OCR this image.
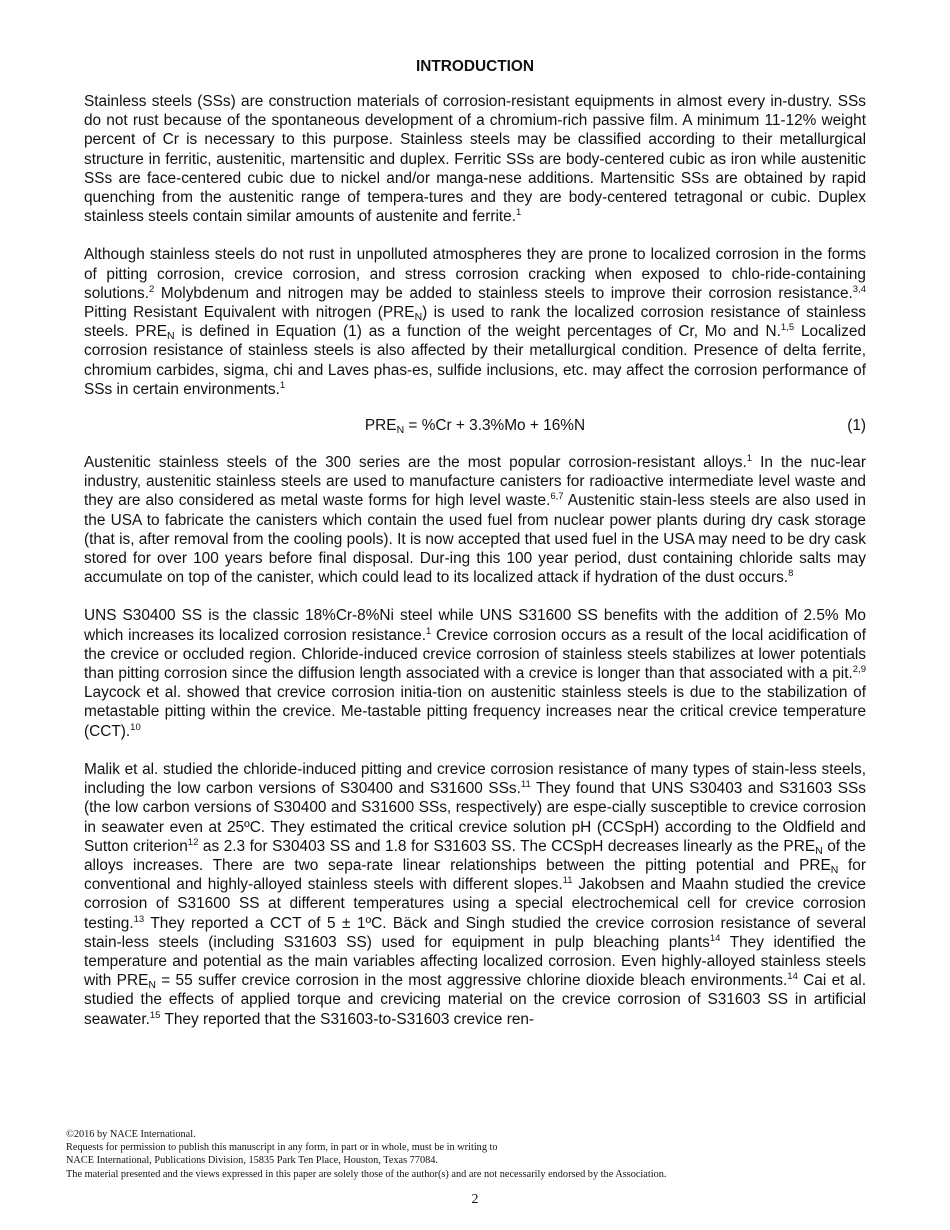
INTRODUCTION

Stainless steels (SSs) are construction materials of corrosion-resistant equipments in almost every in-dustry. SSs do not rust because of the spontaneous development of a chromium-rich passive film. A minimum 11-12% weight percent of Cr is necessary to this purpose. Stainless steels may be classified according to their metallurgical structure in ferritic, austenitic, martensitic and duplex. Ferritic SSs are body-centered cubic as iron while austenitic SSs are face-centered cubic due to nickel and/or manga-nese additions. Martensitic SSs are obtained by rapid quenching from the austenitic range of tempera-tures and they are body-centered tetragonal or cubic. Duplex stainless steels contain similar amounts of austenite and ferrite.$^1$

Although stainless steels do not rust in unpolluted atmospheres they are prone to localized corrosion in the forms of pitting corrosion, crevice corrosion, and stress corrosion cracking when exposed to chlo-ride-containing solutions.$^2$ Molybdenum and nitrogen may be added to stainless steels to improve their corrosion resistance.$^{3,4}$ Pitting Resistant Equivalent with nitrogen $(PRE_N)$ is used to rank the localized corrosion resistance of stainless steels. $PRE_N$ is defined in Equation (1) as a function of the weight percentages of Cr, Mo and N.$^{1,5}$ Localized corrosion resistance of stainless steels is also affected by their metallurgical condition. Presence of delta ferrite, chromium carbides, sigma, chi and Laves phas-es, sulfide inclusions, etc. may affect the corrosion performance of SSs in certain environments.$^1$

$PRE_N = \%Cr + 3.3\%Mo + 16\%N$	(1)

Austenitic stainless steels of the 300 series are the most popular corrosion-resistant alloys.$^1$ In the nuc-lear industry, austenitic stainless steels are used to manufacture canisters for radioactive intermediate level waste and they are also considered as metal waste forms for high level waste.$^{6,7}$ Austenitic stain-less steels are also used in the USA to fabricate the canisters which contain the used fuel from nuclear power plants during dry cask storage (that is, after removal from the cooling pools). It is now accepted that used fuel in the USA may need to be dry cask stored for over 100 years before final disposal. Dur-ing this 100 year period, dust containing chloride salts may accumulate on top of the canister, which could lead to its localized attack if hydration of the dust occurs.$^8$

UNS S30400 SS is the classic 18%Cr-8%Ni steel while UNS S31600 SS benefits with the addition of 2.5% Mo which increases its localized corrosion resistance.$^1$ Crevice corrosion occurs as a result of the local acidification of the crevice or occluded region. Chloride-induced crevice corrosion of stainless steels stabilizes at lower potentials than pitting corrosion since the diffusion length associated with a crevice is longer than that associated with a pit.$^{2,9}$ Laycock et al. showed that crevice corrosion initia-tion on austenitic stainless steels is due to the stabilization of metastable pitting within the crevice. Me-tastable pitting frequency increases near the critical crevice temperature (CCT).$^{10}$

Malik et al. studied the chloride-induced pitting and crevice corrosion resistance of many types of stain-less steels, including the low carbon versions of S30400 and S31600 SSs.$^{11}$ They found that UNS S30403 and S31603 SSs (the low carbon versions of S30400 and S31600 SSs, respectively) are espe-cially susceptible to crevice corrosion in seawater even at 25ºC. They estimated the critical crevice solution pH (CCSpH) according to the Oldfield and Sutton criterion$^{12}$ as 2.3 for S30403 SS and 1.8 for S31603 SS. The CCSpH decreases linearly as the $PRE_N$ of the alloys increases. There are two sepa-rate linear relationships between the pitting potential and $PRE_N$ for conventional and highly-alloyed stainless steels with different slopes.$^{11}$ Jakobsen and Maahn studied the crevice corrosion of S31600 SS at different temperatures using a special electrochemical cell for crevice corrosion testing.$^{13}$ They reported a CCT of 5 ± 1ºC. Bäck and Singh studied the crevice corrosion resistance of several stain-less steels (including S31603 SS) used for equipment in pulp bleaching plants$^{14}$ They identified the temperature and potential as the main variables affecting localized corrosion. Even highly-alloyed stainless steels with $PRE_N = 55$ suffer crevice corrosion in the most aggressive chlorine dioxide bleach environments.$^{14}$ Cai et al. studied the effects of applied torque and crevicing material on the crevice corrosion of S31603 SS in artificial seawater.$^{15}$ They reported that the S31603-to-S31603 crevice ren-

©2016 by NACE International.
Requests for permission to publish this manuscript in any form, in part or in whole, must be in writing to
NACE International, Publications Division, 15835 Park Ten Place, Houston, Texas 77084.
The material presented and the views expressed in this paper are solely those of the author(s) and are not necessarily endorsed by the Association.
2
